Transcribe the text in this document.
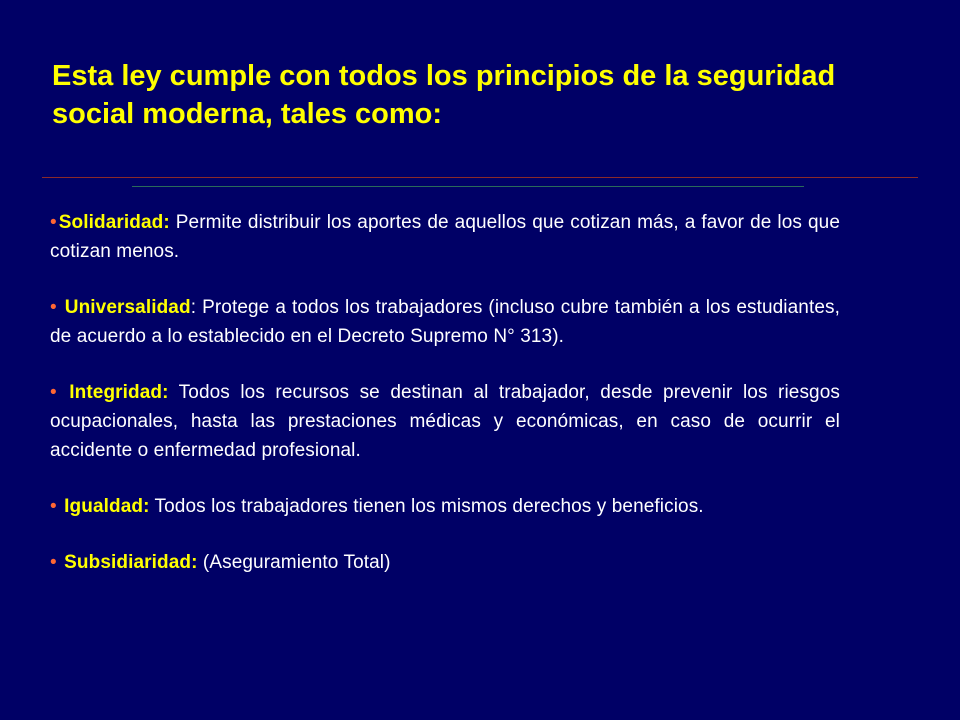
Esta ley cumple con todos los principios de la seguridad social moderna, tales como:
• Solidaridad: Permite distribuir los aportes de aquellos que cotizan más, a favor de los que cotizan menos.
• Universalidad: Protege a todos los trabajadores (incluso cubre también a los estudiantes, de acuerdo a lo establecido en el Decreto Supremo N° 313).
• Integridad: Todos los recursos se destinan al trabajador, desde prevenir los riesgos ocupacionales, hasta las prestaciones médicas y económicas, en caso de ocurrir el accidente o enfermedad profesional.
• Igualdad: Todos los trabajadores tienen los mismos derechos y beneficios.
• Subsidiaridad: (Aseguramiento Total)
